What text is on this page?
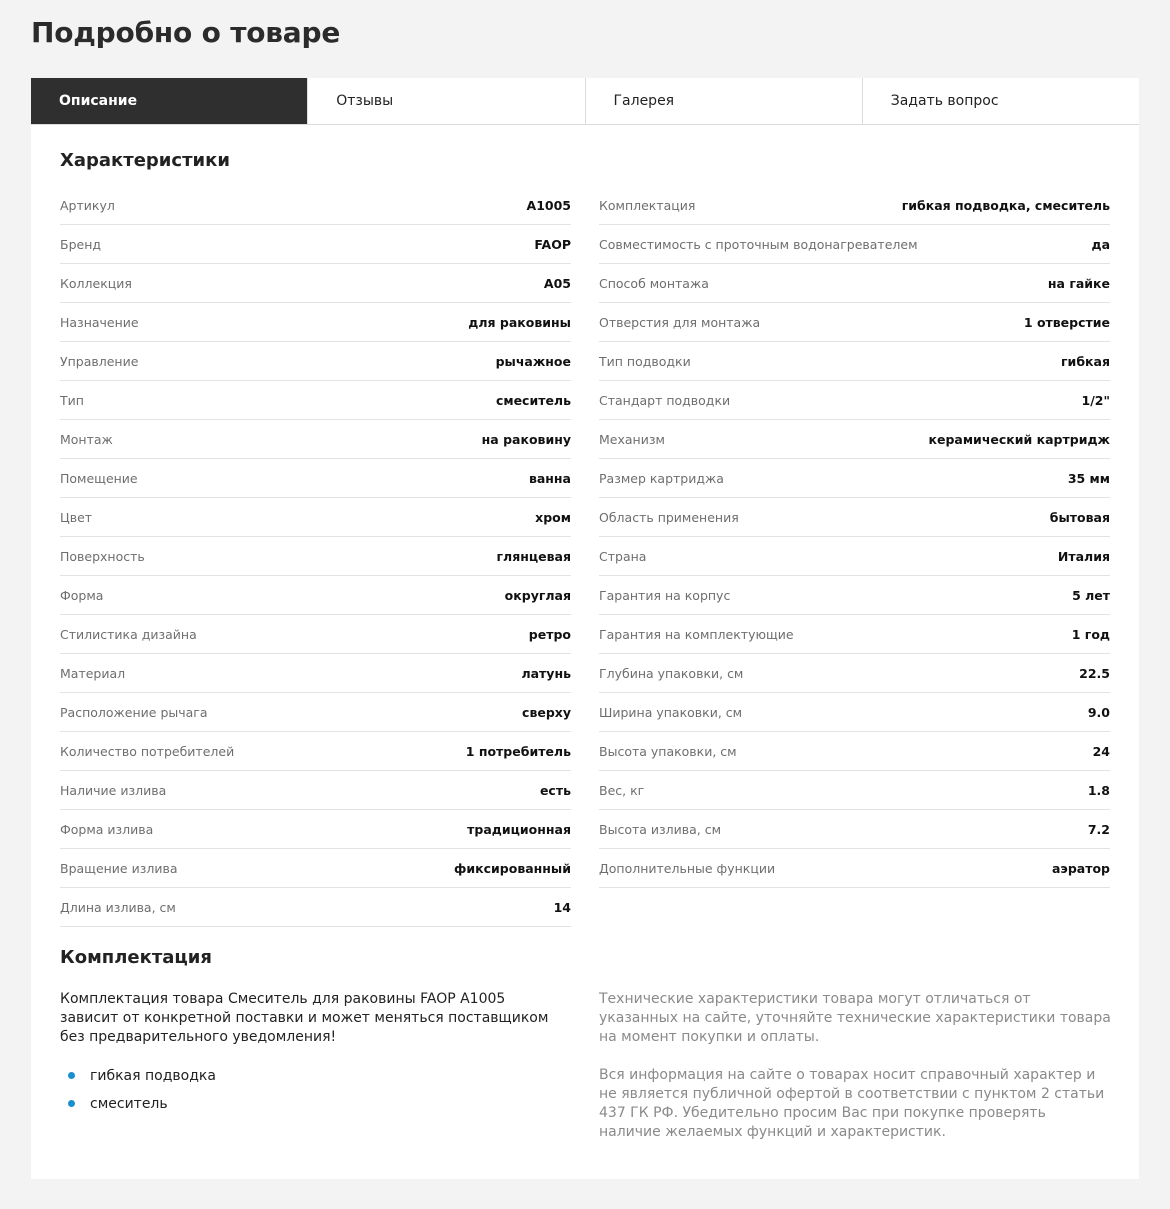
Подробно о товаре
Описание	Отзывы	Галерея	Задать вопрос
Характеристики
Артикул	A1005
Бренд	FAOP
Коллекция	A05
Назначение	для раковины
Управление	рычажное
Тип	смеситель
Монтаж	на раковину
Помещение	ванна
Цвет	хром
Поверхность	глянцевая
Форма	округлая
Стилистика дизайна	ретро
Материал	латунь
Расположение рычага	сверху
Количество потребителей	1 потребитель
Наличие излива	есть
Форма излива	традиционная
Вращение излива	фиксированный
Длина излива, см	14
Комплектация	гибкая подводка, смеситель
Совместимость с проточным водонагревателем	да
Способ монтажа	на гайке
Отверстия для монтажа	1 отверстие
Тип подводки	гибкая
Стандарт подводки	1/2"
Механизм	керамический картридж
Размер картриджа	35 мм
Область применения	бытовая
Страна	Италия
Гарантия на корпус	5 лет
Гарантия на комплектующие	1 год
Глубина упаковки, см	22.5
Ширина упаковки, см	9.0
Высота упаковки, см	24
Вес, кг	1.8
Высота излива, см	7.2
Дополнительные функции	аэратор
Комплектация

Комплектация товара Смеситель для раковины FAOP A1005 зависит от конкретной поставки и может меняться поставщиком без предварительного уведомления!

гибкая подводка
смеситель

Технические характеристики товара могут отличаться от указанных на сайте, уточняйте технические характеристики товара на момент покупки и оплаты.

Вся информация на сайте о товарах носит справочный характер и не является публичной офертой в соответствии с пунктом 2 статьи 437 ГК РФ. Убедительно просим Вас при покупке проверять наличие желаемых функций и характеристик.
